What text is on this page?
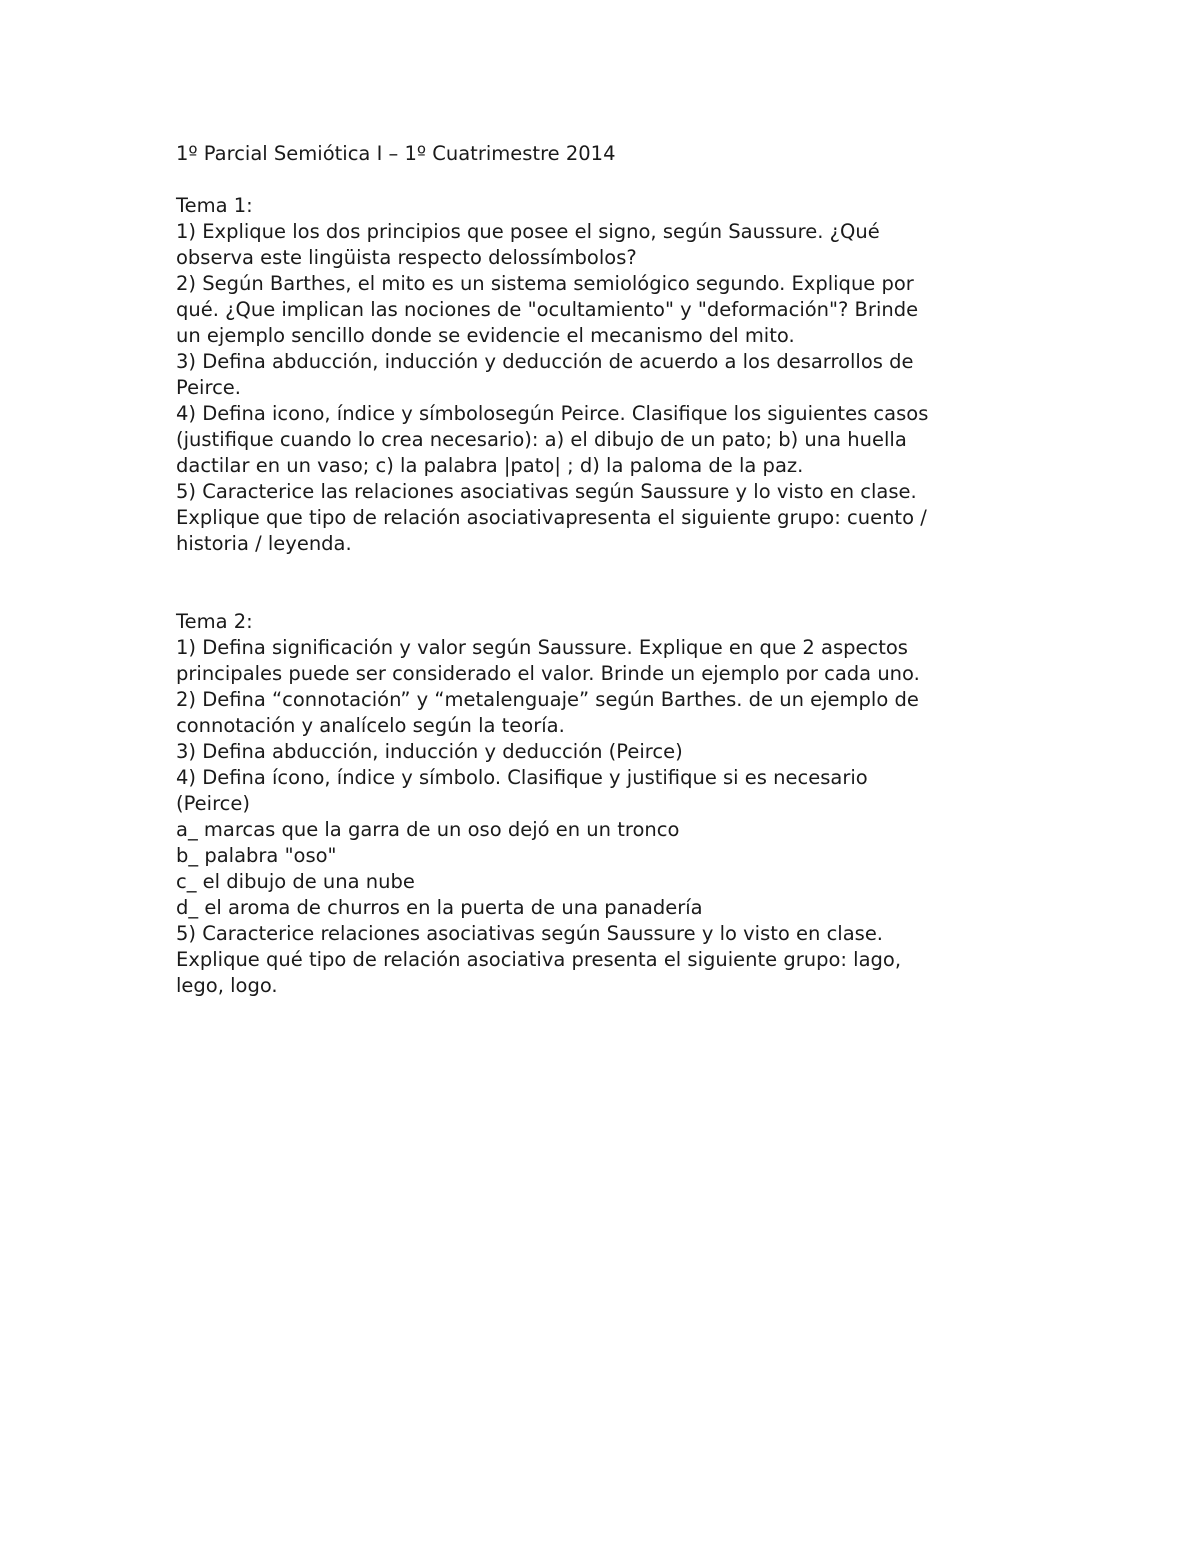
1º Parcial Semiótica I – 1º Cuatrimestre 2014
Tema 1:
1) Explique los dos principios que posee el signo, según Saussure. ¿Qué
observa este lingüista respecto delossímbolos?
2) Según Barthes, el mito es un sistema semiológico segundo. Explique por
qué. ¿Que implican las nociones de "ocultamiento" y "deformación"? Brinde
un ejemplo sencillo donde se evidencie el mecanismo del mito.
3) Defina abducción, inducción y deducción de acuerdo a los desarrollos de
Peirce.
4) Defina icono, índice y símbolosegún Peirce. Clasifique los siguientes casos
(justifique cuando lo crea necesario): a) el dibujo de un pato; b) una huella
dactilar en un vaso; c) la palabra |pato| ; d) la paloma de la paz.
5) Caracterice las relaciones asociativas según Saussure y lo visto en clase.
Explique que tipo de relación asociativapresenta el siguiente grupo: cuento /
historia / leyenda.
Tema 2:
1) Defina significación y valor según Saussure. Explique en que 2 aspectos
principales puede ser considerado el valor. Brinde un ejemplo por cada uno.
2) Defina “connotación” y “metalenguaje” según Barthes. de un ejemplo de
connotación y analícelo según la teoría.
3) Defina abducción, inducción y deducción (Peirce)
4) Defina ícono, índice y símbolo. Clasifique y justifique si es necesario
(Peirce)
a_ marcas que la garra de un oso dejó en un tronco
b_ palabra "oso"
c_ el dibujo de una nube
d_ el aroma de churros en la puerta de una panadería
5) Caracterice relaciones asociativas según Saussure y lo visto en clase.
Explique qué tipo de relación asociativa presenta el siguiente grupo: lago,
lego, logo.
